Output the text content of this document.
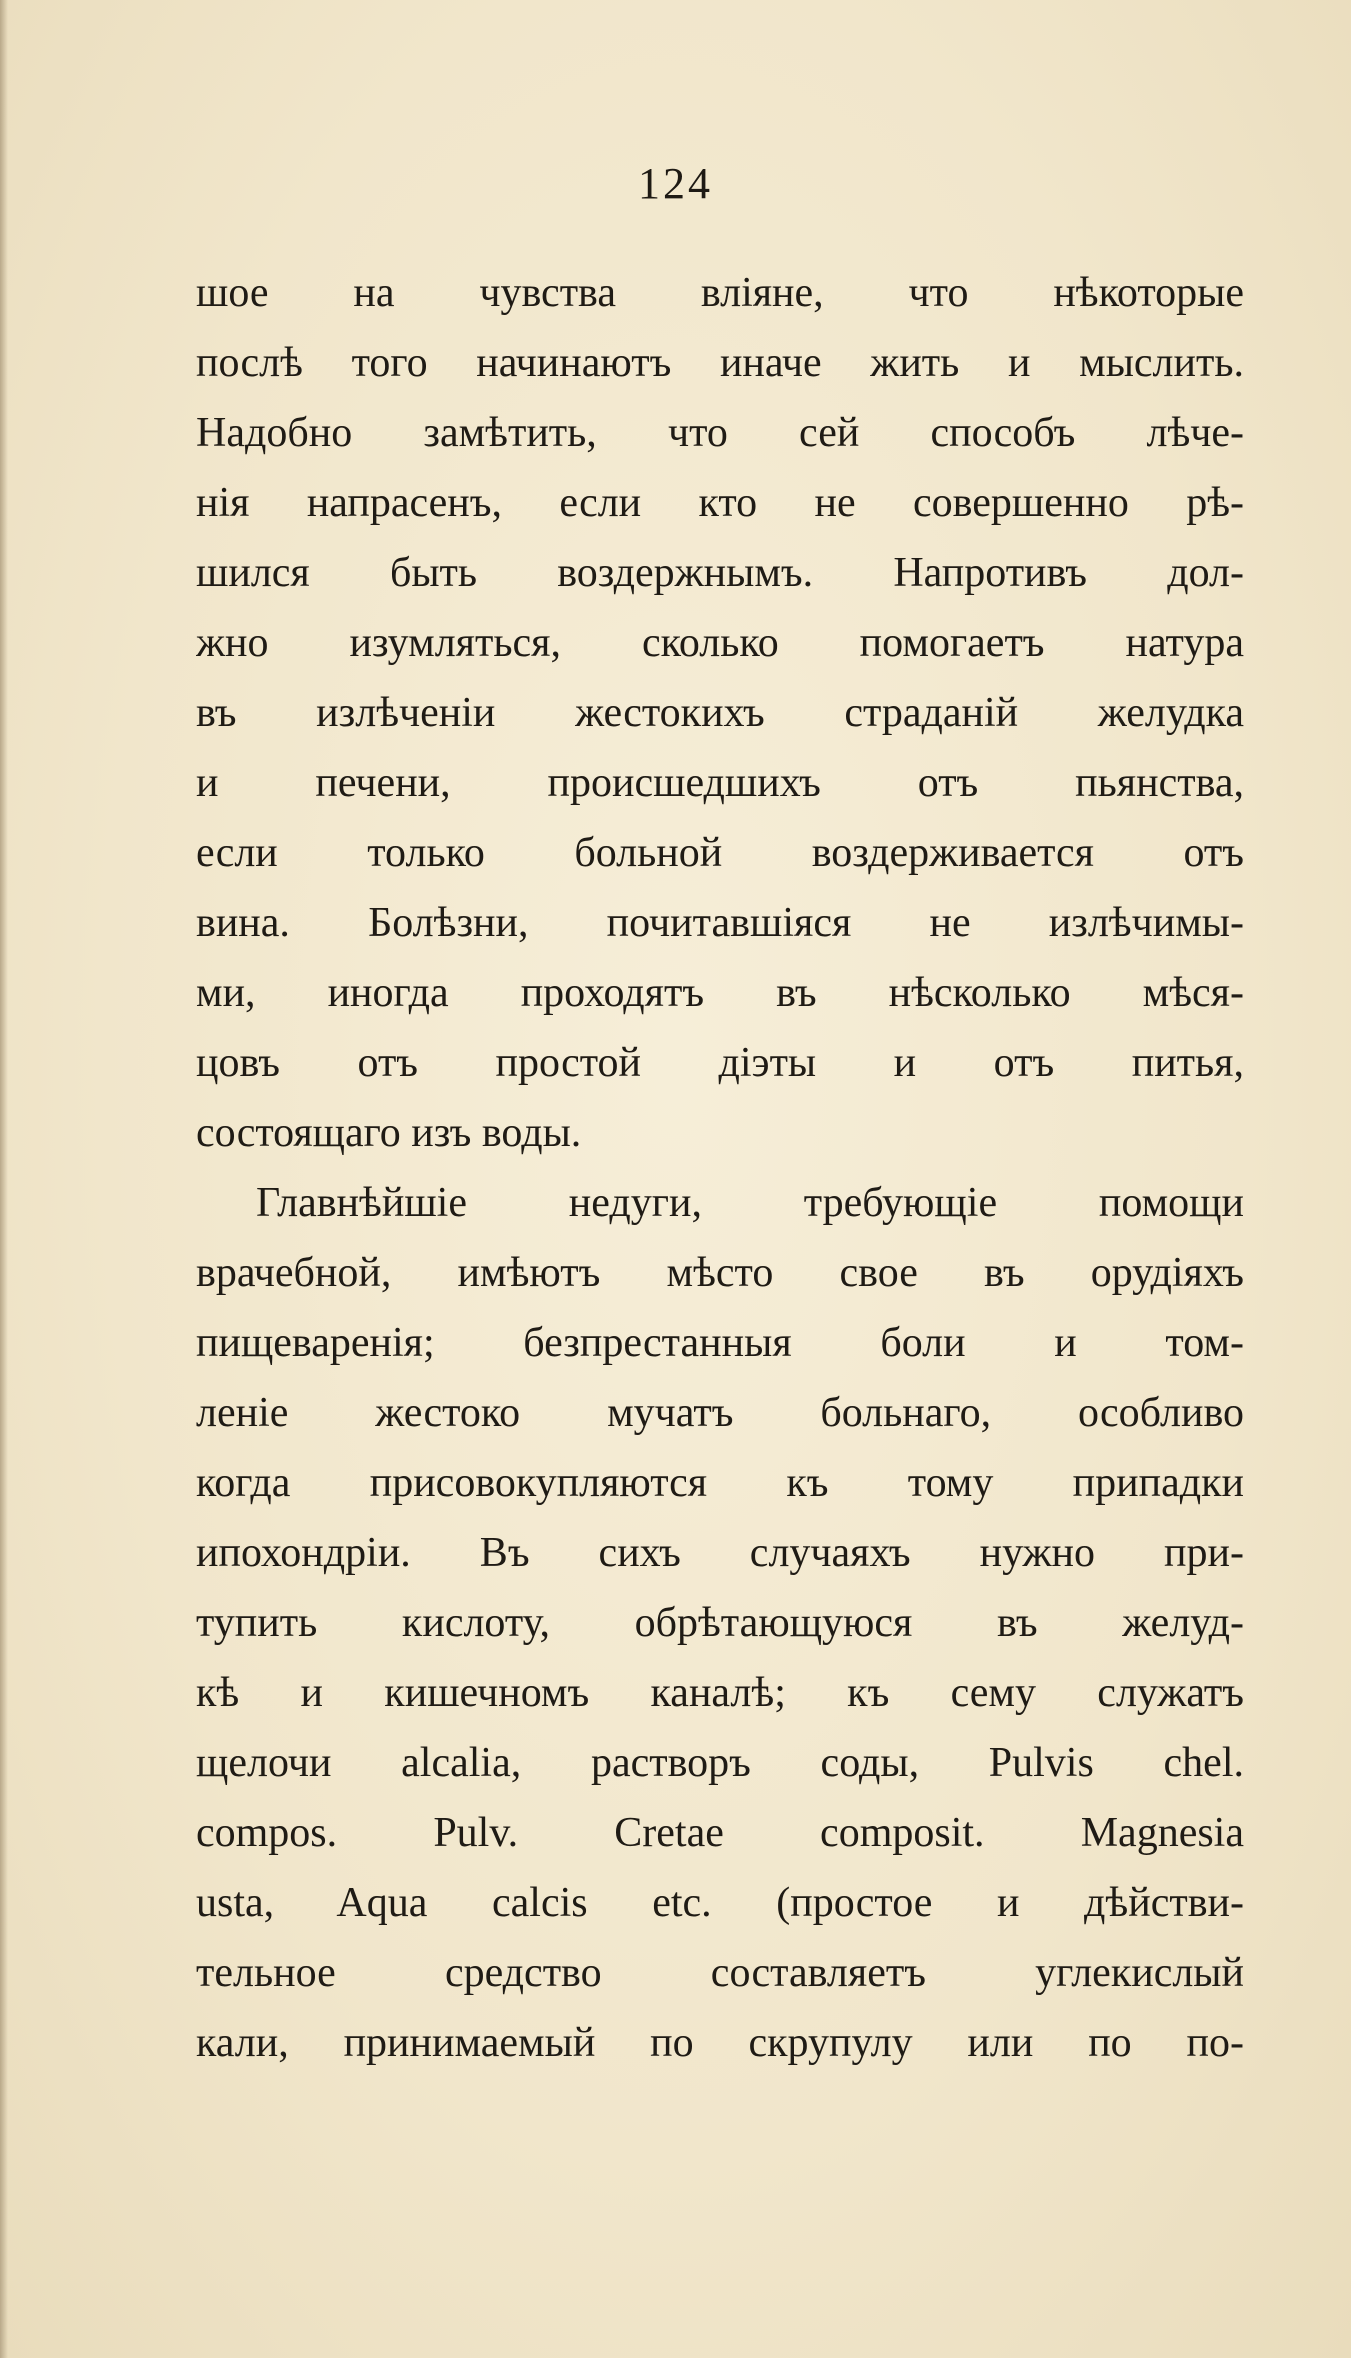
124
шое на чувства вліяне, что нѣкоторые
послѣ того начинаютъ иначе жить и мыслить.
Надобно замѣтить, что сей способъ лѣче-
нія напрасенъ, если кто не совершенно рѣ-
шился быть воздержнымъ. Напротивъ дол-
жно изумляться, сколько помогаетъ натура
въ излѣченіи жестокихъ страданій желудка
и печени, происшедшихъ отъ пьянства,
если только больной воздерживается отъ
вина. Болѣзни, почитавшіяся не излѣчимы-
ми, иногда проходятъ въ нѣсколько мѣся-
цовъ отъ простой діэты и отъ питья,
состоящаго изъ воды.
Главнѣйшіе недуги, требующіе помощи
врачебной, имѣютъ мѣсто свое въ орудіяхъ
пищеваренія; безпрестанныя боли и том-
леніе жестоко мучатъ больнаго, особливо
когда присовокупляются къ тому припадки
ипохондріи. Въ сихъ случаяхъ нужно при-
тупить кислоту, обрѣтающуюся въ желуд-
кѣ и кишечномъ каналѣ; къ сему служатъ
щелочи alcalia, растворъ соды, Pulvis chel.
compos. Pulv. Cretae composit. Magnesia
usta, Aqua calcis etc. (простое и дѣйстви-
тельное средство составляетъ углекислый
кали, принимаемый по скрупулу или по по-
